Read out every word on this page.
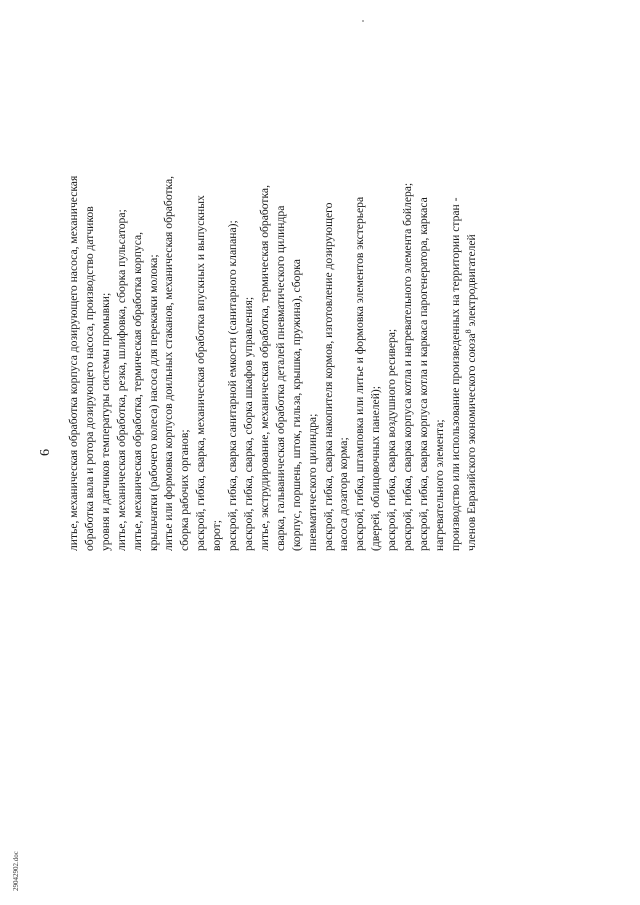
6 литье, механическая обработка корпуса дозирующего насоса, механическая обработка вала и ротора дозирующего насоса, производство датчиков уровня и датчиков температуры системы промывки; литье, механическая обработка, резка, шлифовка, сборка пульсатора; литье, механическая обработка, термическая обработка корпуса, крыльчатки (рабочего колеса) насоса для перекачки молока; литье или формовка корпусов доильных стаканов, механическая обработка, сборка рабочих органов; раскрой, гибка, сварка, механическая обработка впускных и выпускных ворот; раскрой, гибка, сварка санитарной емкости (санитарного клапана); раскрой, гибка, сварка, сборка шкафов управления; литье, экструдирование, механическая обработка, термическая обработка, сварка, гальваническая обработка деталей пневматического цилиндра (корпус, поршень, шток, гильза, крышка, пружина), сборка пневматического цилиндра; раскрой, гибка, сварка накопителя кормов, изготовление дозирующего насоса дозатора корма; раскрой, гибка, штамповка или литье и формовка элементов экстерьера (дверей, облицовочных панелей); раскрой, гибка, сварка воздушного ресивера; раскрой, гибка, сварка корпуса котла и нагревательного элемента бойлера; раскрой, гибка, сварка корпуса котла и каркаса парогенератора, каркаса нагревательного элемента; производство или использование произведенных на территории стран - членов Евразийского экономического союза$^8$ электродвигателей
29042902.doc
